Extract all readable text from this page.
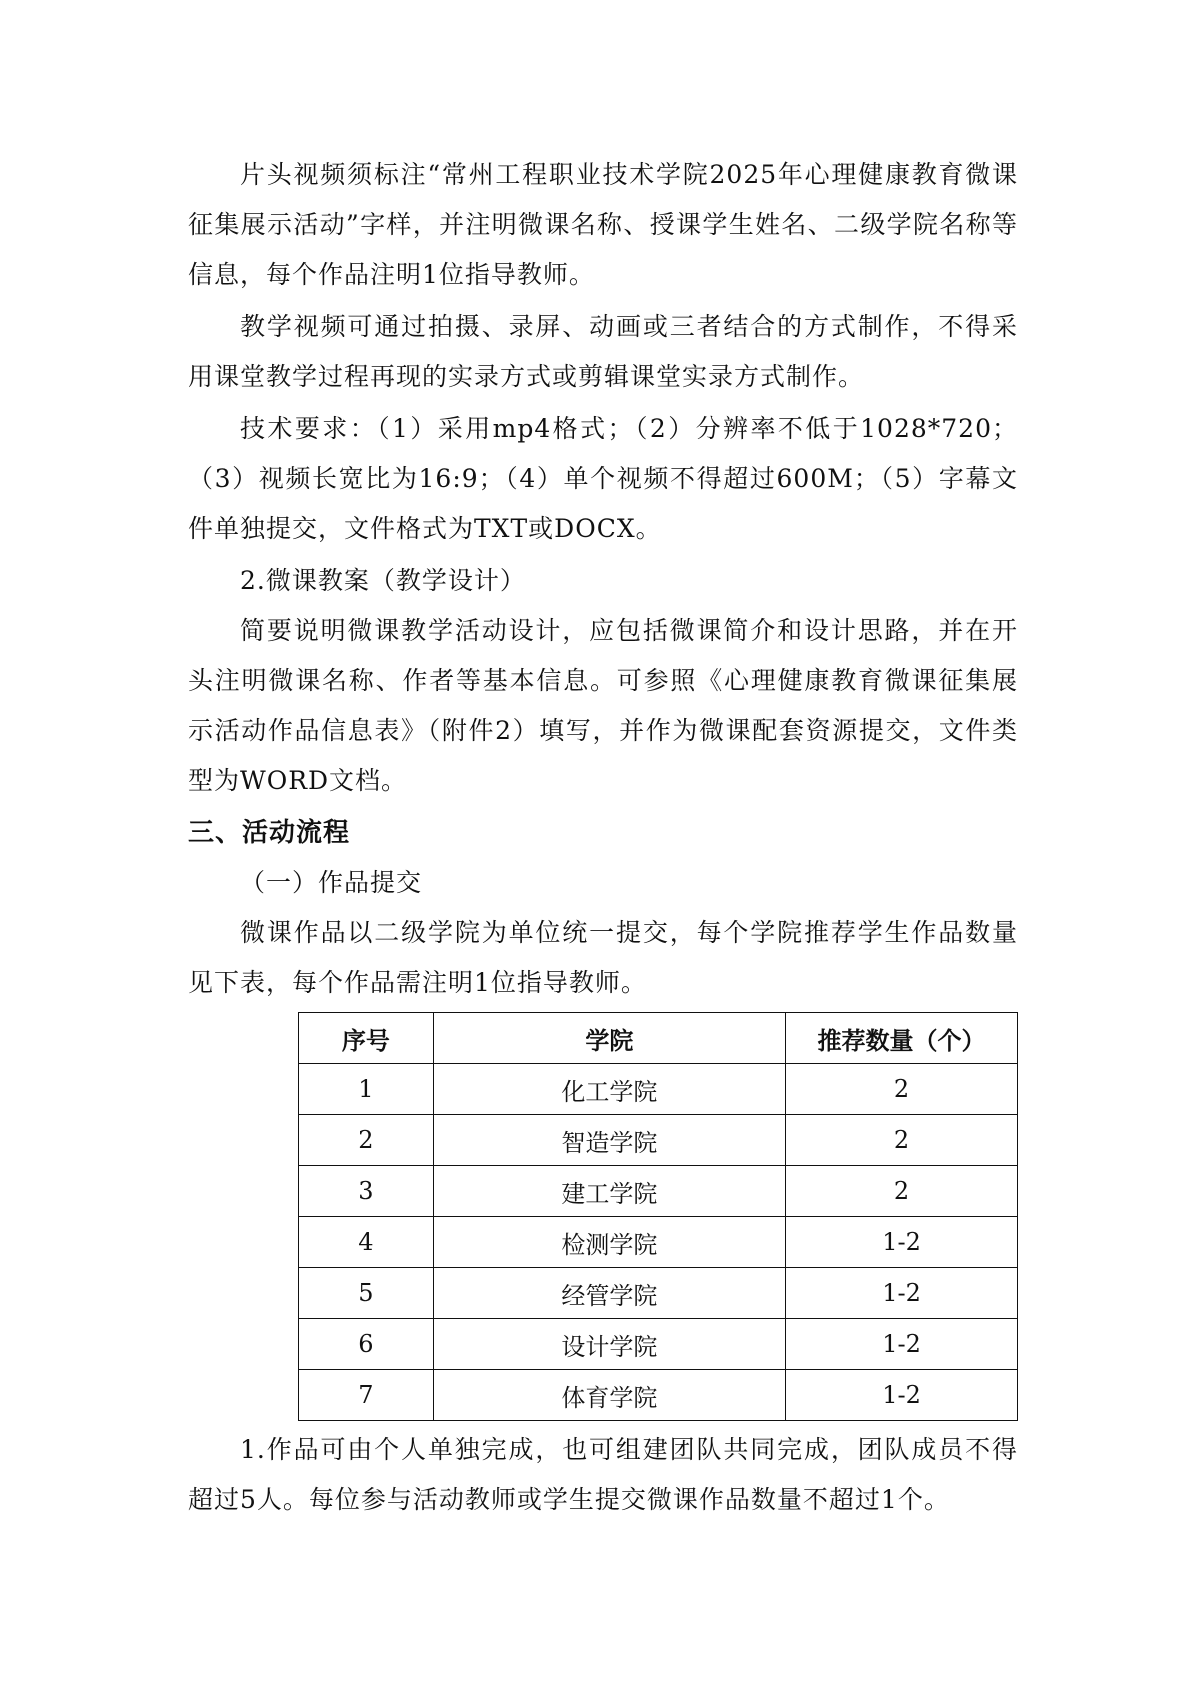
片头视频须标注“常州工程职业技术学院2025年心理健康教育微课征集展示活动”字样，并注明微课名称、授课学生姓名、二级学院名称等信息，每个作品注明1位指导教师。

教学视频可通过拍摄、录屏、动画或三者结合的方式制作，不得采用课堂教学过程再现的实录方式或剪辑课堂实录方式制作。

技术要求：（1）采用mp4格式；（2）分辨率不低于1028*720；（3）视频长宽比为16:9；（4）单个视频不得超过600M；（5）字幕文件单独提交，文件格式为TXT或DOCX。

2.微课教案（教学设计）

简要说明微课教学活动设计，应包括微课简介和设计思路，并在开头注明微课名称、作者等基本信息。可参照《心理健康教育微课征集展示活动作品信息表》（附件2）填写，并作为微课配套资源提交，文件类型为WORD文档。

三、活动流程

（一）作品提交

微课作品以二级学院为单位统一提交，每个学院推荐学生作品数量见下表，每个作品需注明1位指导教师。

序号	学院	推荐数量（个）
1	化工学院	2
2	智造学院	2
3	建工学院	2
4	检测学院	1-2
5	经管学院	1-2
6	设计学院	1-2
7	体育学院	1-2

1.作品可由个人单独完成，也可组建团队共同完成，团队成员不得超过5人。每位参与活动教师或学生提交微课作品数量不超过1个。
